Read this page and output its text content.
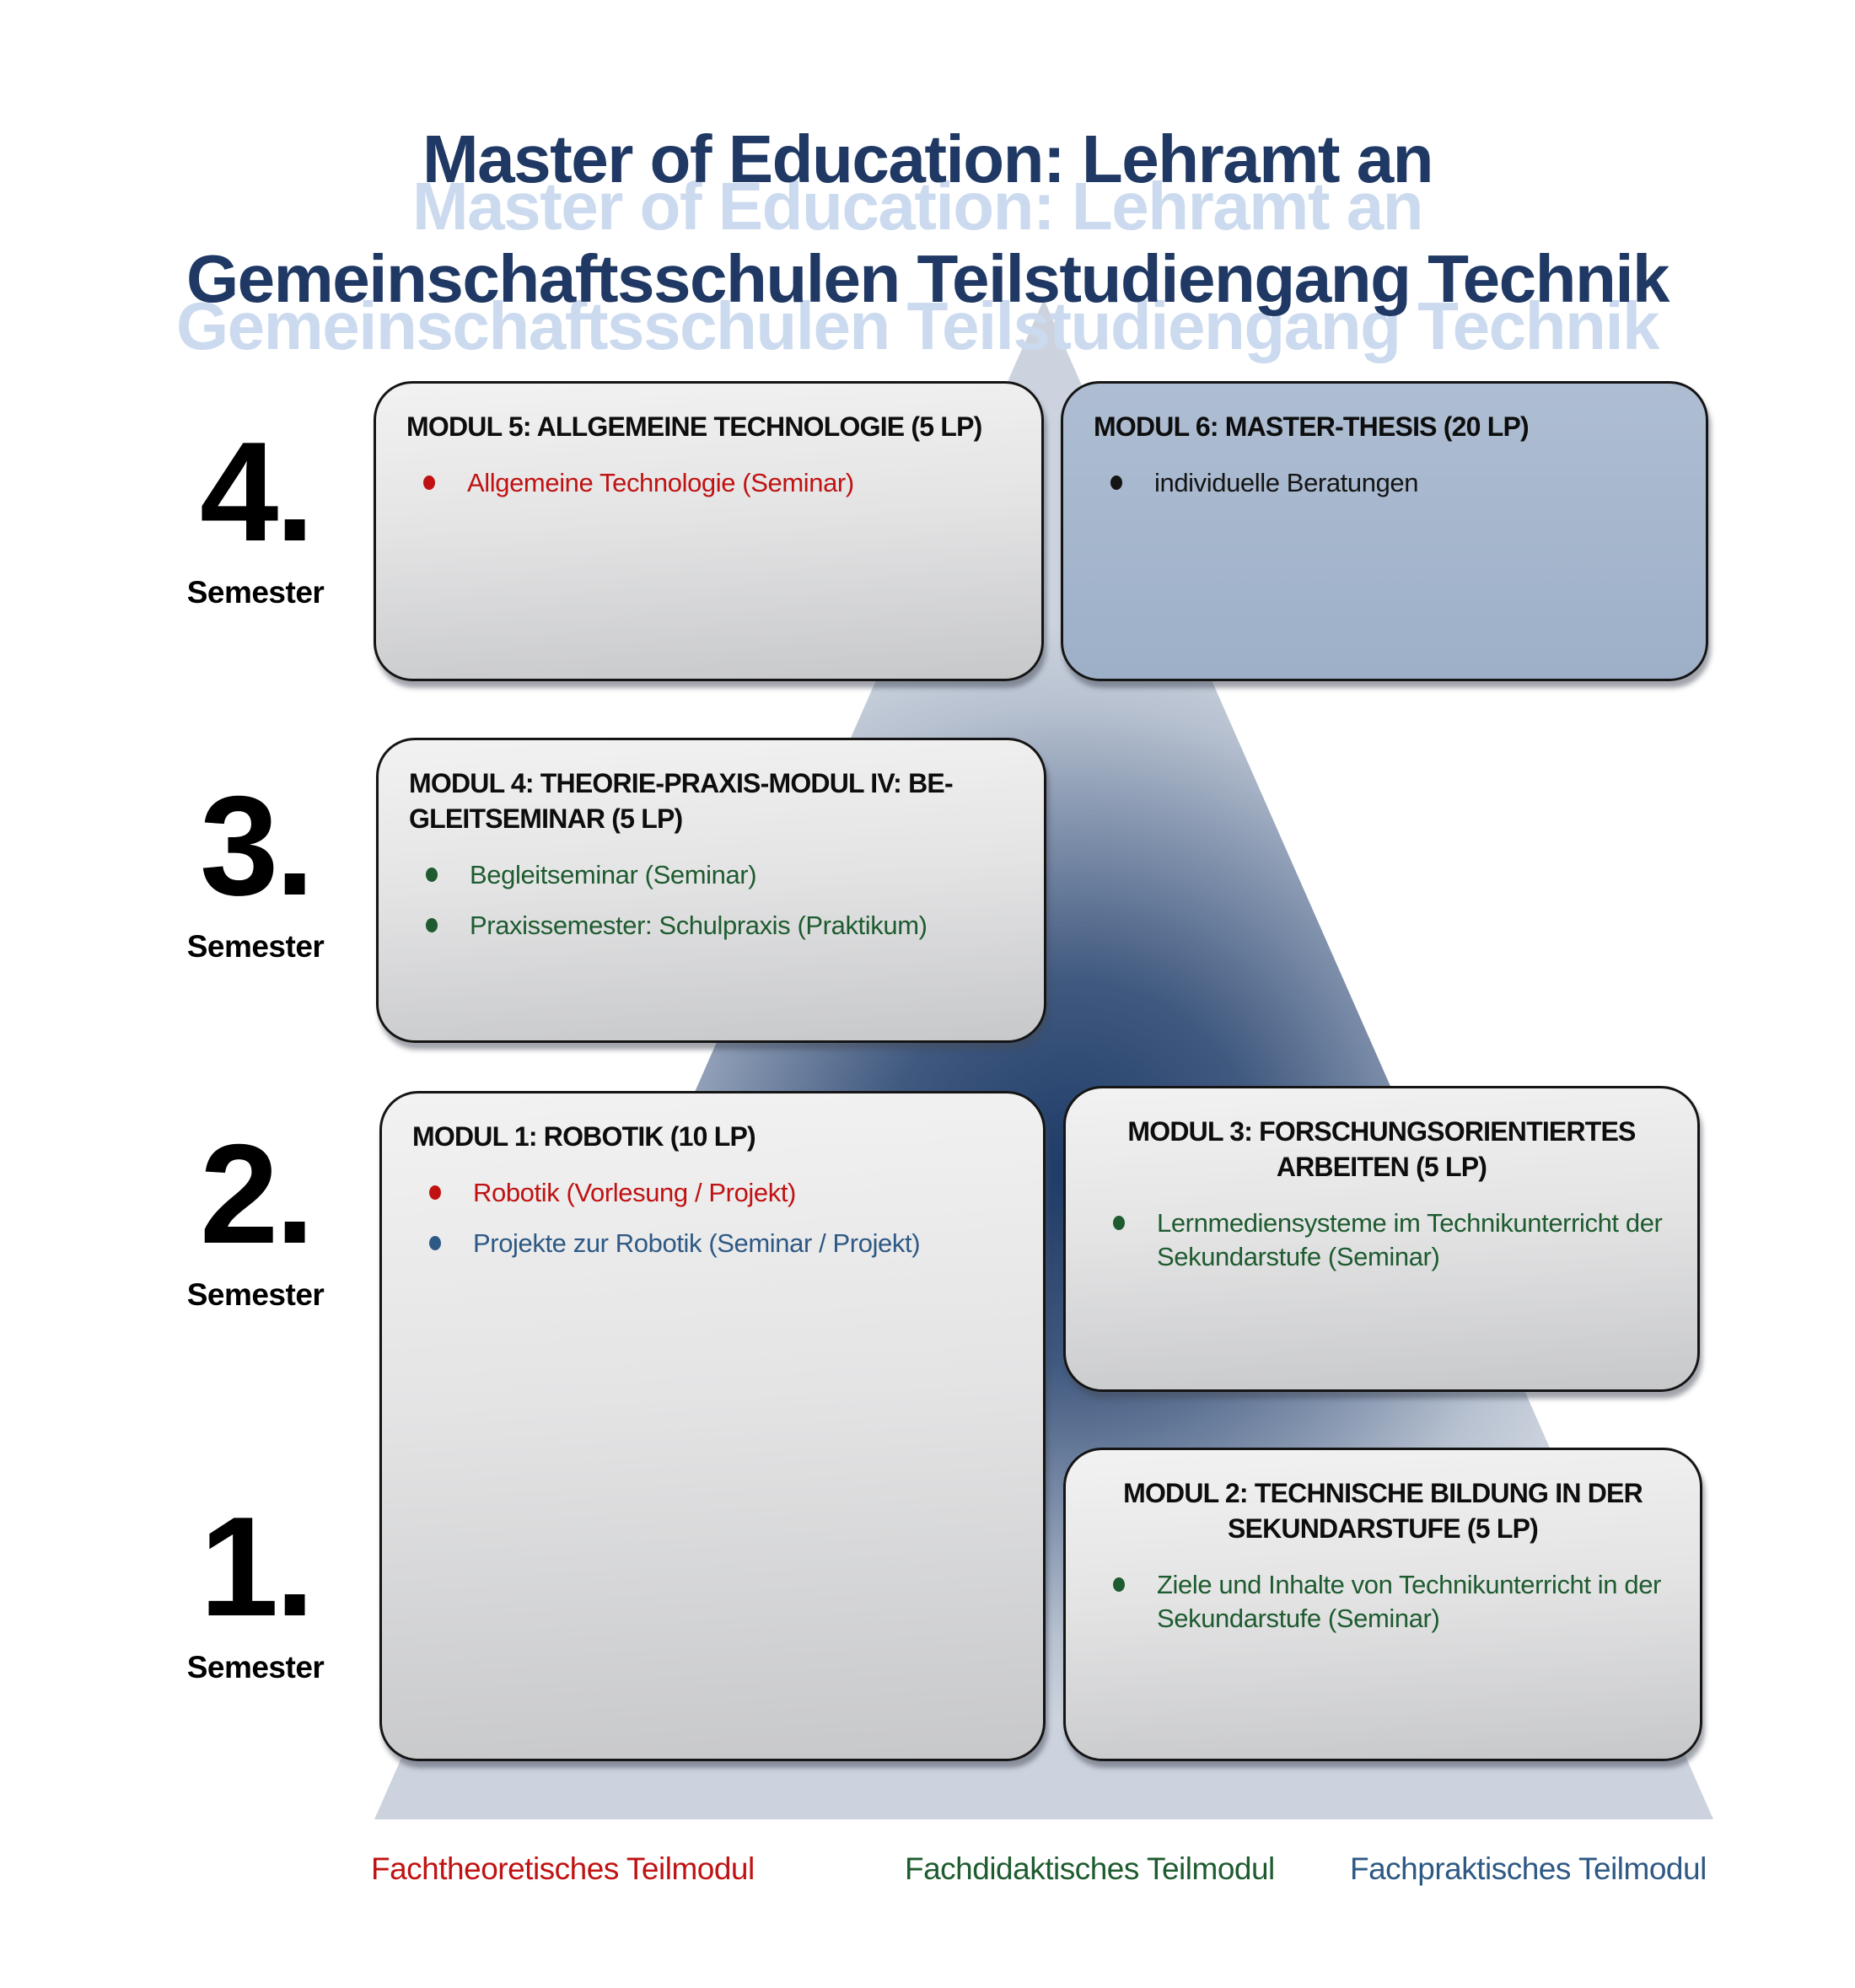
Master of Education: Lehramt an
Gemeinschaftsschulen Teilstudiengang Technik
4.
Semester
3.
Semester
2.
Semester
1.
Semester
MODUL 5: ALLGEMEINE TECHNOLOGIE (5 LP)
Allgemeine Technologie (Seminar)
MODUL 6: MASTER-THESIS (20 LP)
individuelle Beratungen
MODUL 4: THEORIE-PRAXIS-MODUL IV: BE-
GLEITSEMINAR (5 LP)
Begleitseminar (Seminar)
Praxissemester: Schulpraxis (Praktikum)
MODUL 1: ROBOTIK (10 LP)
Robotik (Vorlesung / Projekt)
Projekte zur Robotik (Seminar / Projekt)
MODUL 3: FORSCHUNGSORIENTIERTES
ARBEITEN (5 LP)
Lernmediensysteme im Technikunterricht der Sekundarstufe (Seminar)
MODUL 2: TECHNISCHE BILDUNG IN DER
SEKUNDARSTUFE (5 LP)
Ziele und Inhalte von Technikunterricht in der Sekundarstufe (Seminar)
Fachtheoretisches Teilmodul	Fachdidaktisches Teilmodul Fachpraktisches Teilmodul
